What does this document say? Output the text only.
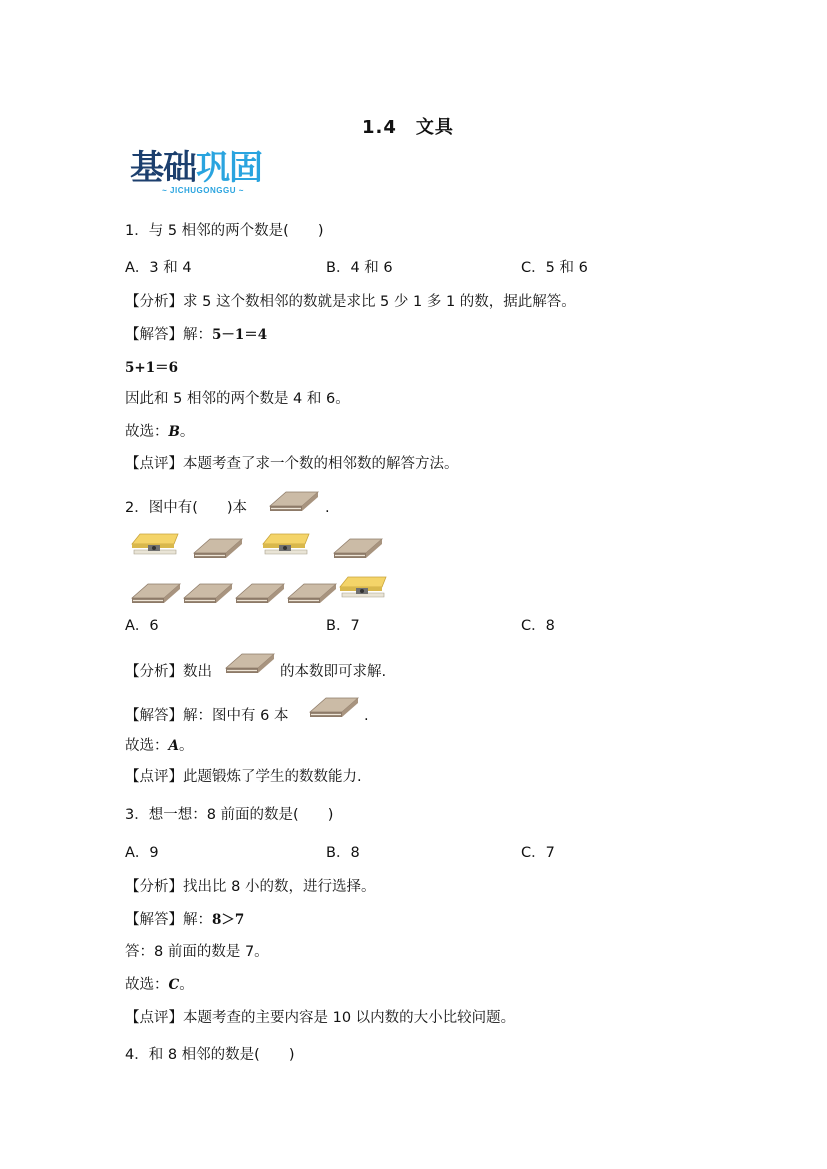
1.4　文具
基础巩固
~ JICHUGONGGU ~
1．与 5 相邻的两个数是(　　)
A．3 和 4	B．4 和 6	C．5 和 6
【分析】求 5 这个数相邻的数就是求比 5 少 1 多 1 的数，据此解答。
【解答】解：5－1＝4
5+1＝6
因此和 5 相邻的两个数是 4 和 6。
故选：B。
【点评】本题考查了求一个数的相邻数的解答方法。
2．图中有(　　)本	.
A．6	B．7	C．8
【分析】数出	的本数即可求解.
【解答】解：图中有 6 本	.
故选：A。
【点评】此题锻炼了学生的数数能力.
3．想一想：8 前面的数是(　　)
A．9	B．8	C．7
【分析】找出比 8 小的数，进行选择。
【解答】解：8＞7
答：8 前面的数是 7。
故选：C。
【点评】本题考查的主要内容是 10 以内数的大小比较问题。
4．和 8 相邻的数是(　　)
